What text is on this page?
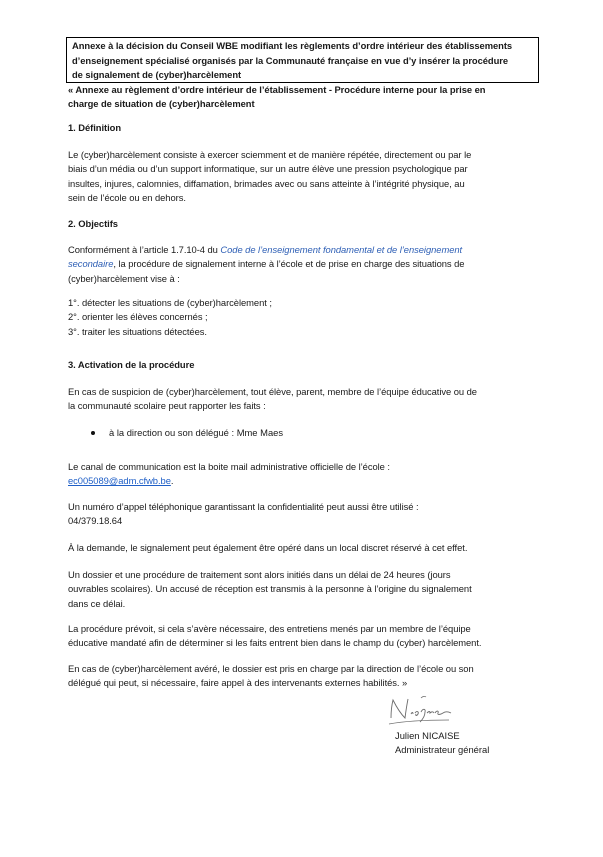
Annexe à la décision du Conseil WBE modifiant les règlements d’ordre intérieur des établissements
d’enseignement spécialisé organisés par la Communauté française en vue d’y insérer la procédure
de signalement de (cyber)harcèlement
« Annexe au règlement d’ordre intérieur de l’établissement - Procédure interne pour la prise en
charge de situation de (cyber)harcèlement
1. Définition
Le (cyber)harcèlement consiste à exercer sciemment et de manière répétée, directement ou par le
biais d’un média ou d’un support informatique, sur un autre élève une pression psychologique par
insultes, injures, calomnies, diffamation, brimades avec ou sans atteinte à l’intégrité physique, au
sein de l’école ou en dehors.
2. Objectifs
Conformément à l’article 1.7.10-4 du Code de l’enseignement fondamental et de l’enseignement
secondaire, la procédure de signalement interne à l’école et de prise en charge des situations de
(cyber)harcèlement vise à :
1°. détecter les situations de (cyber)harcèlement ;
2°. orienter les élèves concernés ;
3°. traiter les situations détectées.
3. Activation de la procédure
En cas de suspicion de (cyber)harcèlement, tout élève, parent, membre de l’équipe éducative ou de
la communauté scolaire peut rapporter les faits :
à la direction ou son délégué : Mme Maes
Le canal de communication est la boite mail administrative officielle de l’école :
ec005089@adm.cfwb.be.
Un numéro d’appel téléphonique garantissant la confidentialité peut aussi être utilisé :
04/379.18.64
À la demande, le signalement peut également être opéré dans un local discret réservé à cet effet.
Un dossier et une procédure de traitement sont alors initiés dans un délai de 24 heures (jours
ouvrables scolaires). Un accusé de réception est transmis à la personne à l’origine du signalement
dans ce délai.
La procédure prévoit, si cela s’avère nécessaire, des entretiens menés par un membre de l’équipe
éducative mandaté afin de déterminer si les faits entrent bien dans le champ du (cyber) harcèlement.
En cas de (cyber)harcèlement avéré, le dossier est pris en charge par la direction de l’école ou son
délégué qui peut, si nécessaire, faire appel à des intervenants externes habilités. »
Julien NICAISE
Administrateur général
